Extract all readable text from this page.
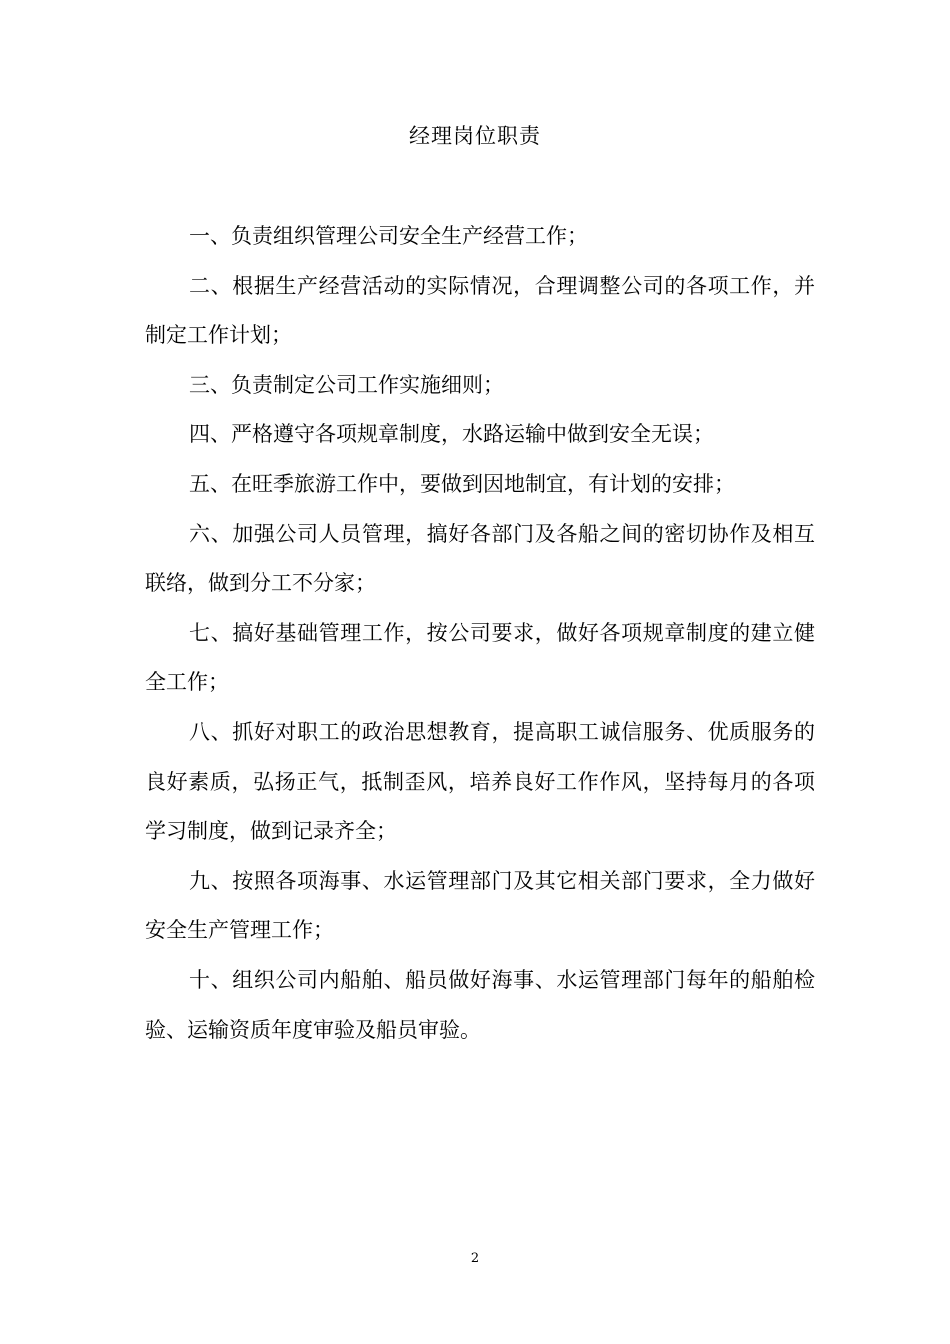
经理岗位职责

一、负责组织管理公司安全生产经营工作；

二、根据生产经营活动的实际情况，合理调整公司的各项工作，并制定工作计划；

三、负责制定公司工作实施细则；

四、严格遵守各项规章制度，水路运输中做到安全无误；

五、在旺季旅游工作中，要做到因地制宜，有计划的安排；

六、加强公司人员管理，搞好各部门及各船之间的密切协作及相互联络，做到分工不分家；

七、搞好基础管理工作，按公司要求，做好各项规章制度的建立健全工作；

八、抓好对职工的政治思想教育，提高职工诚信服务、优质服务的良好素质，弘扬正气，抵制歪风，培养良好工作作风，坚持每月的各项学习制度，做到记录齐全；

九、按照各项海事、水运管理部门及其它相关部门要求，全力做好安全生产管理工作；

十、组织公司内船舶、船员做好海事、水运管理部门每年的船舶检验、运输资质年度审验及船员审验。

2
